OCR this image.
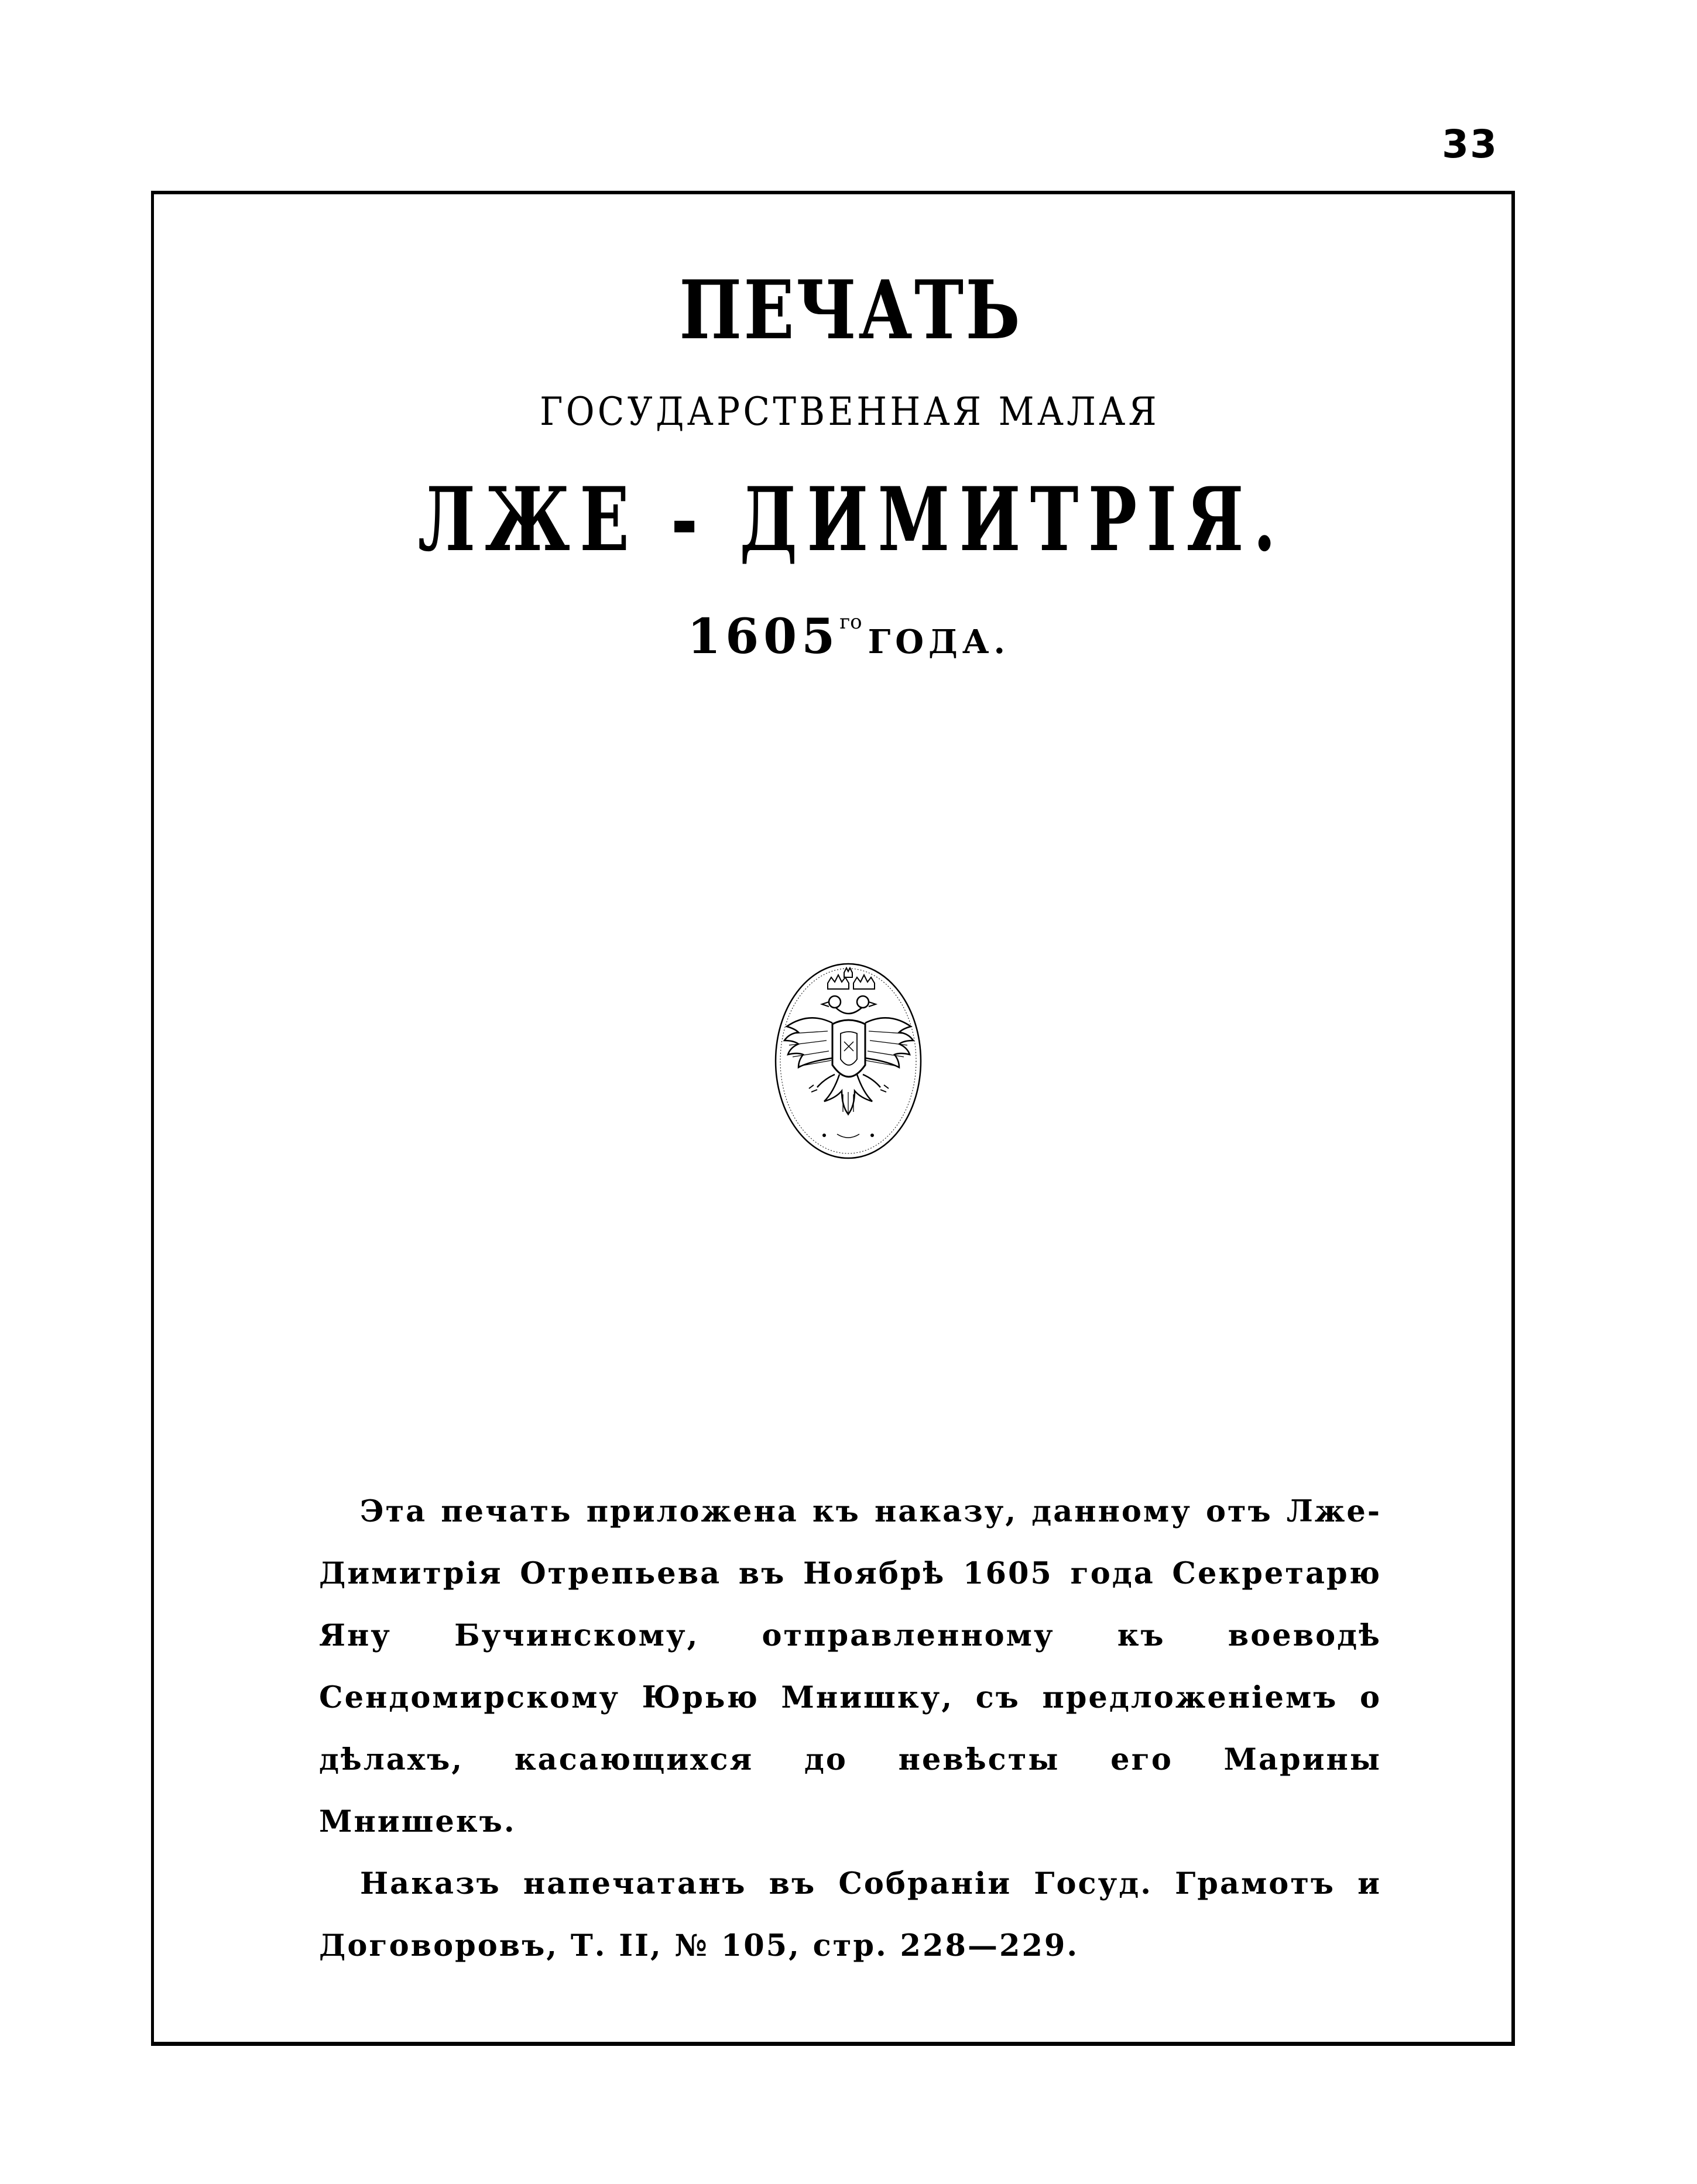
33
ПЕЧАТЬ
ГОСУДАРСТВЕННАЯ МАЛАЯ
ЛЖЕ - ДИМИТРІЯ.
$1605^{го}ГОДА$.

Эта печать приложена къ наказу, данному отъ Лже-Димитрія Отрепьева въ Ноябрѣ 1605 года Секретарю Яну Бучинскому, отправленному къ воеводѣ Сендомирскому Юрью Мнишку, съ предложеніемъ о дѣлахъ, касающихся до невѣсты его Марины Мнишекъ.

Наказъ напечатанъ въ Собраніи Госуд. Грамотъ и Договоровъ, Т. II, № 105, стр. 228—229.
